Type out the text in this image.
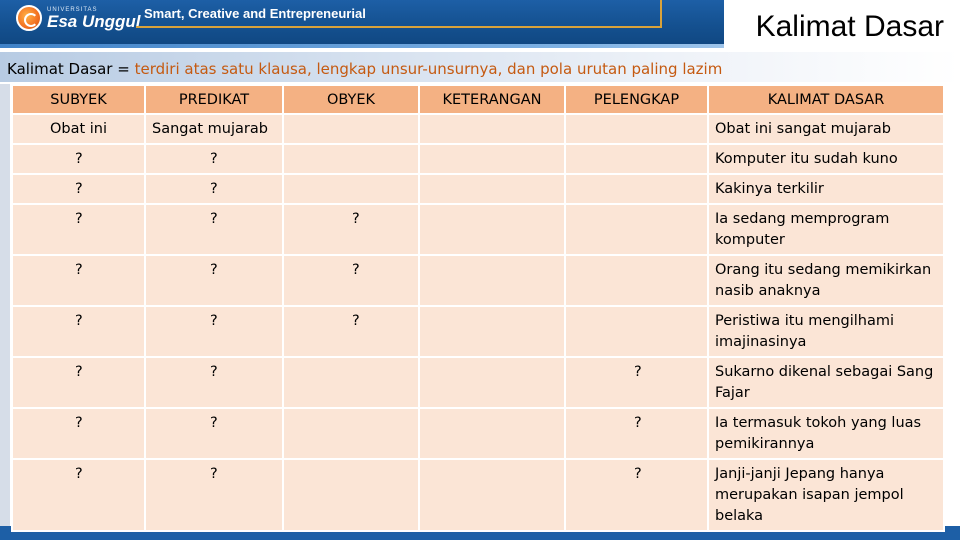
UNIVERSITAS
Esa Unggul Smart, Creative and Entrepreneurial	Kalimat Dasar
Kalimat Dasar = terdiri atas satu klausa, lengkap unsur-unsurnya, dan pola urutan paling lazim
SUBYEK	PREDIKAT	OBYEK	KETERANGAN	PELENGKAP	KALIMAT DASAR
Obat ini	Sangat mujarab				Obat ini sangat mujarab
?	?				Komputer itu sudah kuno
?	?				Kakinya terkilir
?	?	?			Ia sedang memprogram komputer
?	?	?			Orang itu sedang memikirkan nasib anaknya
?	?	?			Peristiwa itu mengilhami imajinasinya
?	?			?	Sukarno dikenal sebagai Sang Fajar
?	?			?	Ia termasuk tokoh yang luas pemikirannya
?	?			?	Janji-janji Jepang hanya merupakan isapan jempol belaka
